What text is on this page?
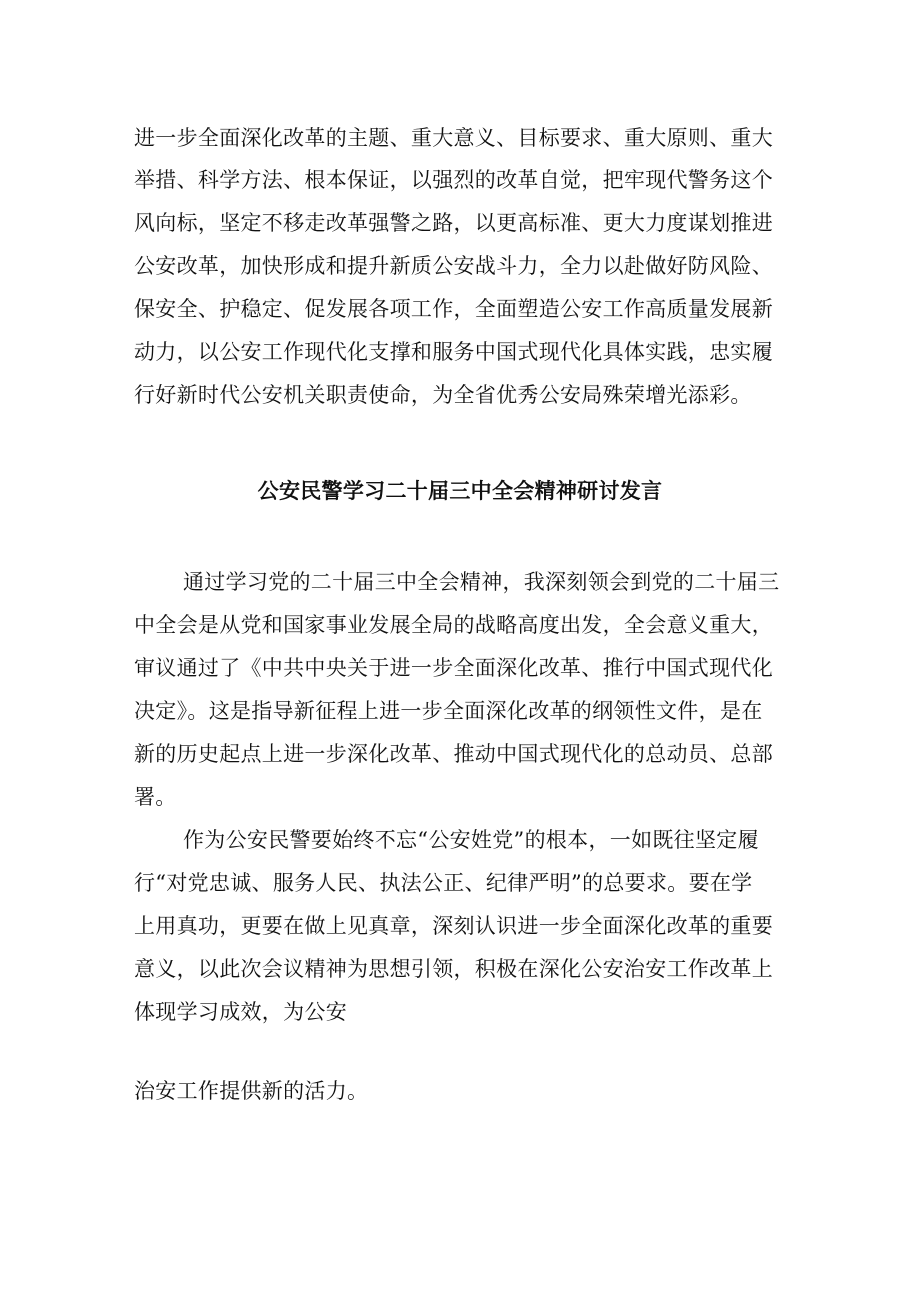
进一步全面深化改革的主题、重大意义、目标要求、重大原则、重大
举措、科学方法、根本保证，以强烈的改革自觉，把牢现代警务这个
风向标，坚定不移走改革强警之路，以更高标准、更大力度谋划推进
公安改革，加快形成和提升新质公安战斗力，全力以赴做好防风险、
保安全、护稳定、促发展各项工作，全面塑造公安工作高质量发展新
动力，以公安工作现代化支撑和服务中国式现代化具体实践，忠实履
行好新时代公安机关职责使命，为全省优秀公安局殊荣增光添彩。
公安民警学习二十届三中全会精神研讨发言
通过学习党的二十届三中全会精神，我深刻领会到党的二十届三
中全会是从党和国家事业发展全局的战略高度出发，全会意义重大，
审议通过了《中共中央关于进一步全面深化改革、推行中国式现代化
决定》。这是指导新征程上进一步全面深化改革的纲领性文件，是在
新的历史起点上进一步深化改革、推动中国式现代化的总动员、总部
署。
作为公安民警要始终不忘“公安姓党”的根本，一如既往坚定履
行“对党忠诚、服务人民、执法公正、纪律严明”的总要求。要在学
上用真功，更要在做上见真章，深刻认识进一步全面深化改革的重要
意义，以此次会议精神为思想引领，积极在深化公安治安工作改革上
体现学习成效，为公安
治安工作提供新的活力。
